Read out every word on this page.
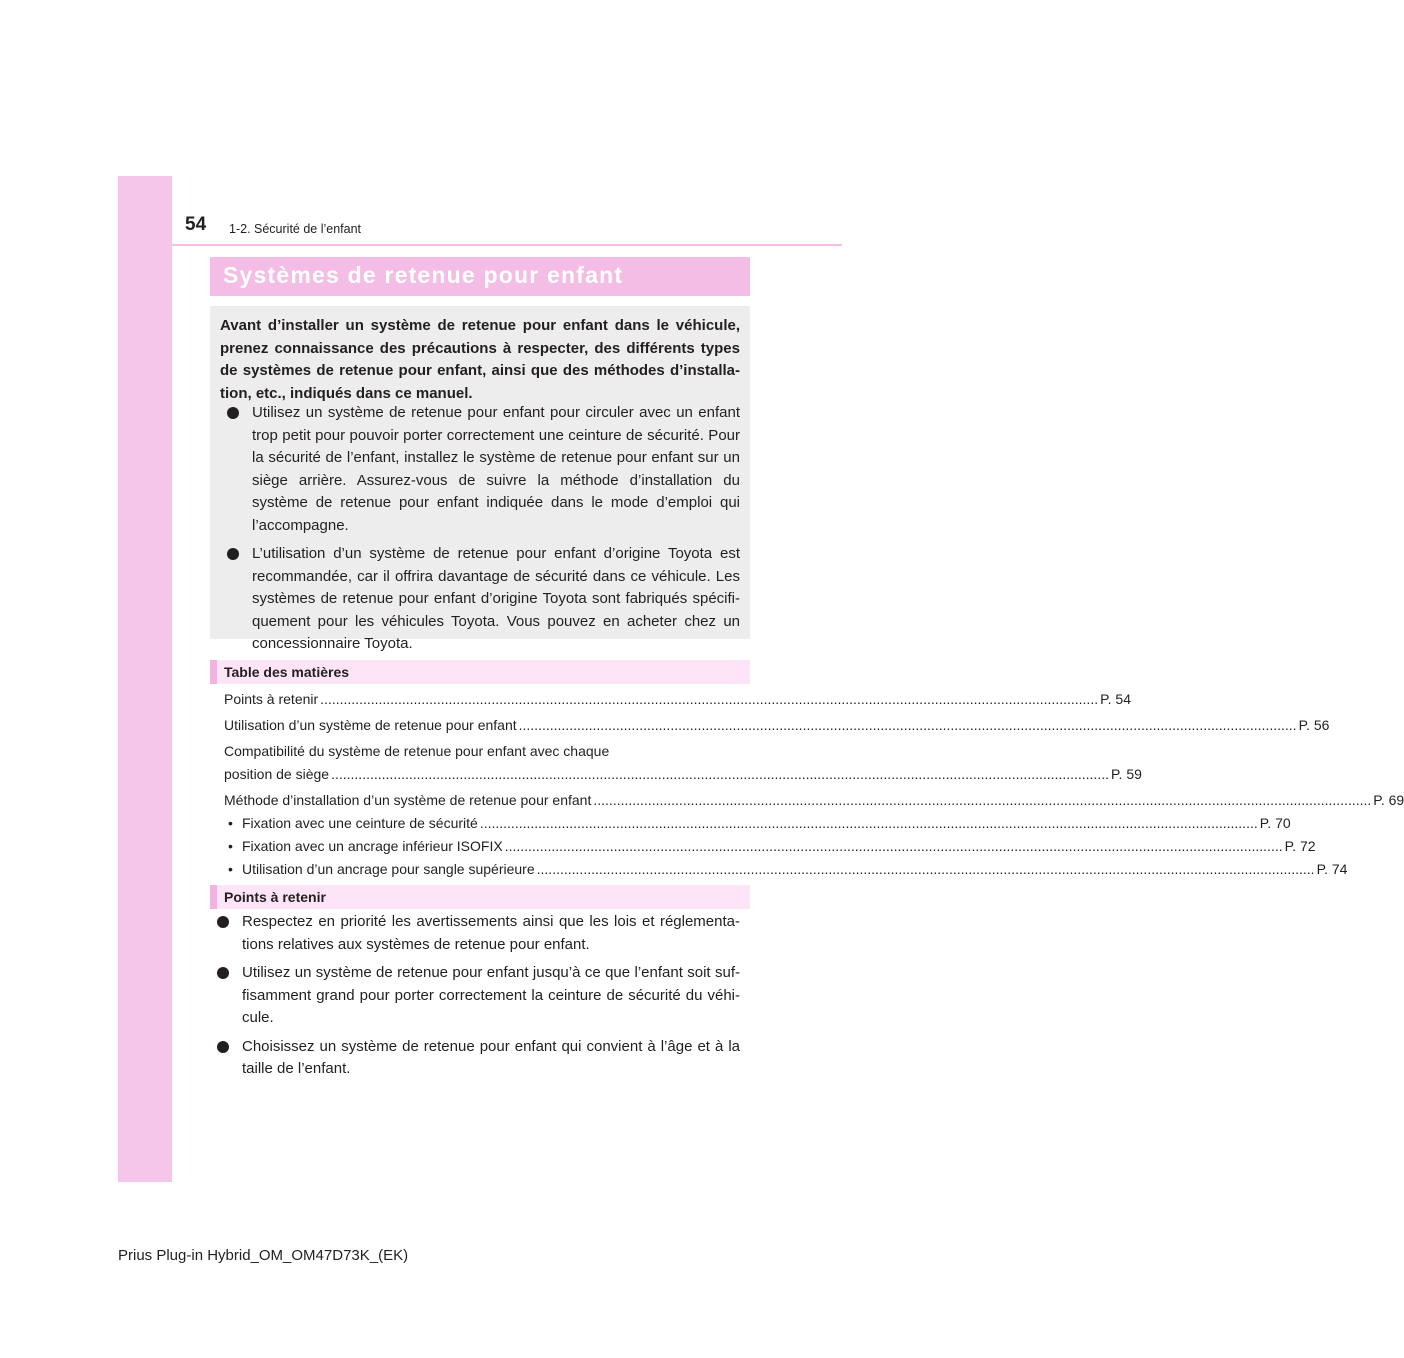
54 1-2. Sécurité de l’enfant
Systèmes de retenue pour enfant
Avant d’installer un système de retenue pour enfant dans le véhicule, prenez connaissance des précautions à respecter, des différents types de systèmes de retenue pour enfant, ainsi que des méthodes d’installation, etc., indiqués dans ce manuel.
Utilisez un système de retenue pour enfant pour circuler avec un enfant trop petit pour pouvoir porter correctement une ceinture de sécurité. Pour la sécurité de l’enfant, installez le système de retenue pour enfant sur un siège arrière. Assurez-vous de suivre la méthode d’installation du système de retenue pour enfant indiquée dans le mode d’emploi qui l’accompagne.
L’utilisation d’un système de retenue pour enfant d’origine Toyota est recommandée, car il offrira davantage de sécurité dans ce véhicule. Les systèmes de retenue pour enfant d’origine Toyota sont fabriqués spécifiquement pour les véhicules Toyota. Vous pouvez en acheter chez un concessionnaire Toyota.
Table des matières
Points à retenir ........................................................................................................................................................................................................ P. 54
Utilisation d’un système de retenue pour enfant ........................................................................................................................................................................................................ P. 56
Compatibilité du système de retenue pour enfant avec chaque
position de siège ........................................................................................................................................................................................................ P. 59
Méthode d’installation d’un système de retenue pour enfant ........................................................................................................................................................................................................ P. 69
• Fixation avec une ceinture de sécurité ........................................................................................................................................................................................................ P. 70
• Fixation avec un ancrage inférieur ISOFIX ........................................................................................................................................................................................................ P. 72
• Utilisation d’un ancrage pour sangle supérieure ........................................................................................................................................................................................................ P. 74
Points à retenir
Respectez en priorité les avertissements ainsi que les lois et réglementations relatives aux systèmes de retenue pour enfant.
Utilisez un système de retenue pour enfant jusqu’à ce que l’enfant soit suffisamment grand pour porter correctement la ceinture de sécurité du véhicule.
Choisissez un système de retenue pour enfant qui convient à l’âge et à la taille de l’enfant.
Prius Plug-in Hybrid_OM_OM47D73K_(EK)
